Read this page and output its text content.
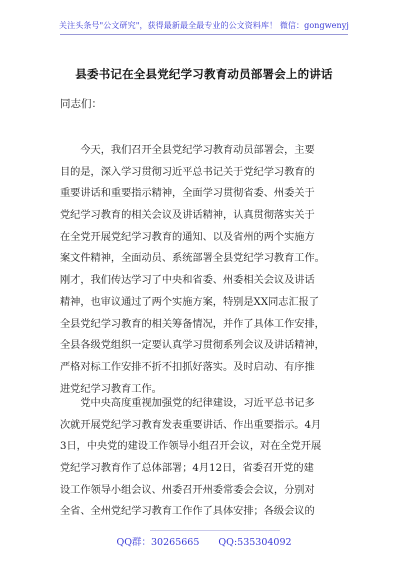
关注头条号"公文研究"，获得最新最全最专业的公文资料库！ 微信：gongwenyj
县委书记在全县党纪学习教育动员部署会上的讲话
同志们：
　　今天，我们召开全县党纪学习教育动员部署会，主要
目的是，深入学习贯彻习近平总书记关于党纪学习教育的
重要讲话和重要指示精神，全面学习贯彻省委、州委关于
党纪学习教育的相关会议及讲话精神，认真贯彻落实关于
在全党开展党纪学习教育的通知、以及省州的两个实施方
案文件精神，全面动员、系统部署全县党纪学习教育工作。
刚才，我们传达学习了中央和省委、州委相关会议及讲话
精神，也审议通过了两个实施方案，特别是XX同志汇报了
全县党纪学习教育的相关筹备情况，并作了具体工作安排，
全县各级党组织一定要认真学习贯彻系列会议及讲话精神，
严格对标工作安排不折不扣抓好落实。及时启动、有序推
进党纪学习教育工作。
　　党中央高度重视加强党的纪律建设，习近平总书记多
次就开展党纪学习教育发表重要讲话、作出重要指示。4月
3日，中央党的建设工作领导小组召开会议，对在全党开展
党纪学习教育作了总体部署；4月12日，省委召开党的建
设工作领导小组会议、州委召开州委常委会会议，分别对
全省、全州党纪学习教育工作作了具体安排；各级会议的
QQ群：30265665　　QQ:535304092
